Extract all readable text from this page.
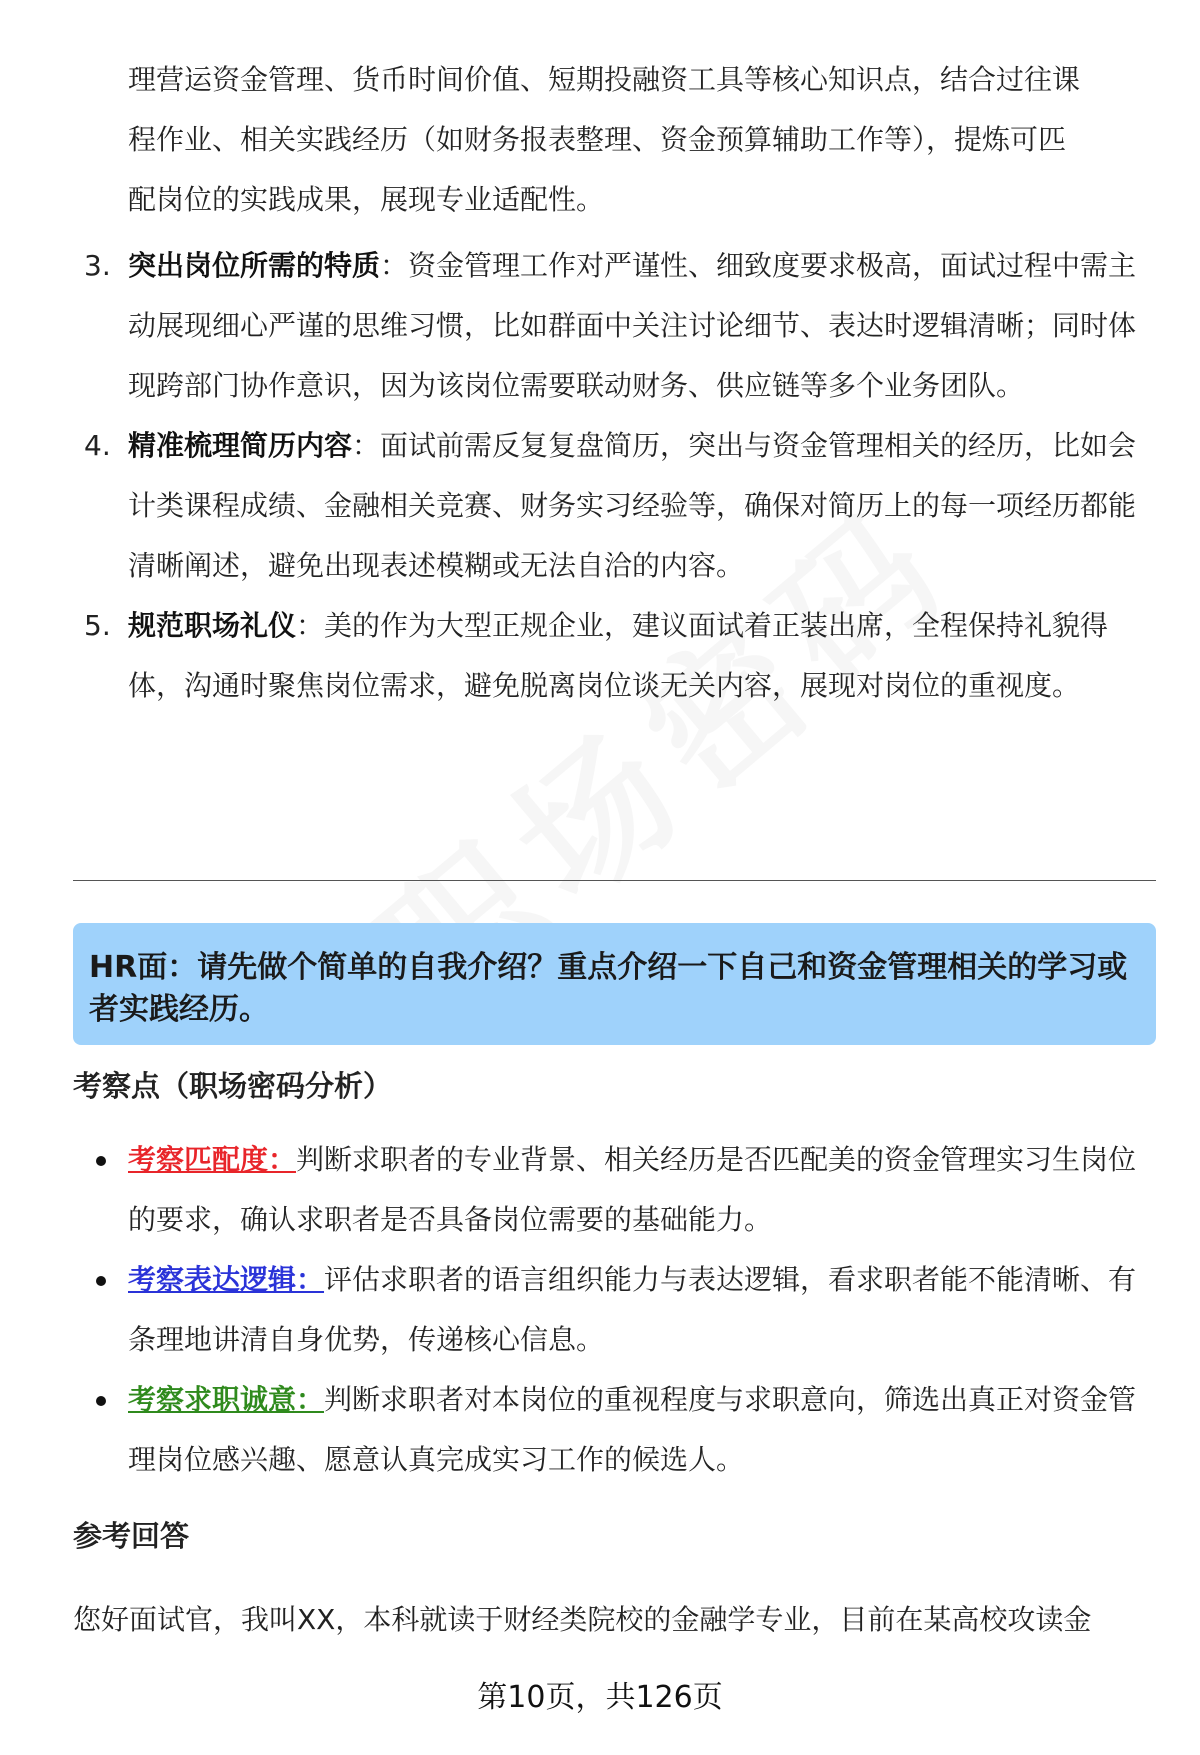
理营运资金管理、货币时间价值、短期投融资工具等核心知识点，结合过往课
程作业、相关实践经历（如财务报表整理、资金预算辅助工作等），提炼可匹
配岗位的实践成果，展现专业适配性。

3. 突出岗位所需的特质：资金管理工作对严谨性、细致度要求极高，面试过程中需主动展现细心严谨的思维习惯，比如群面中关注讨论细节、表达时逻辑清晰；同时体现跨部门协作意识，因为该岗位需要联动财务、供应链等多个业务团队。

4. 精准梳理简历内容：面试前需反复复盘简历，突出与资金管理相关的经历，比如会计类课程成绩、金融相关竞赛、财务实习经验等，确保对简历上的每一项经历都能清晰阐述，避免出现表述模糊或无法自洽的内容。

5. 规范职场礼仪：美的作为大型正规企业，建议面试着正装出席，全程保持礼貌得体，沟通时聚焦岗位需求，避免脱离岗位谈无关内容，展现对岗位的重视度。

HR面：请先做个简单的自我介绍？重点介绍一下自己和资金管理相关的学习或者实践经历。
考察点（职场密码分析）

考察匹配度：判断求职者的专业背景、相关经历是否匹配美的资金管理实习生岗位的要求，确认求职者是否具备岗位需要的基础能力。

考察表达逻辑：评估求职者的语言组织能力与表达逻辑，看求职者能不能清晰、有条理地讲清自身优势，传递核心信息。

考察求职诚意：判断求职者对本岗位的重视程度与求职意向，筛选出真正对资金管理岗位感兴趣、愿意认真完成实习工作的候选人。

参考回答
您好面试官，我叫XX，本科就读于财经类院校的金融学专业，目前在某高校攻读金
第10页，共126页
